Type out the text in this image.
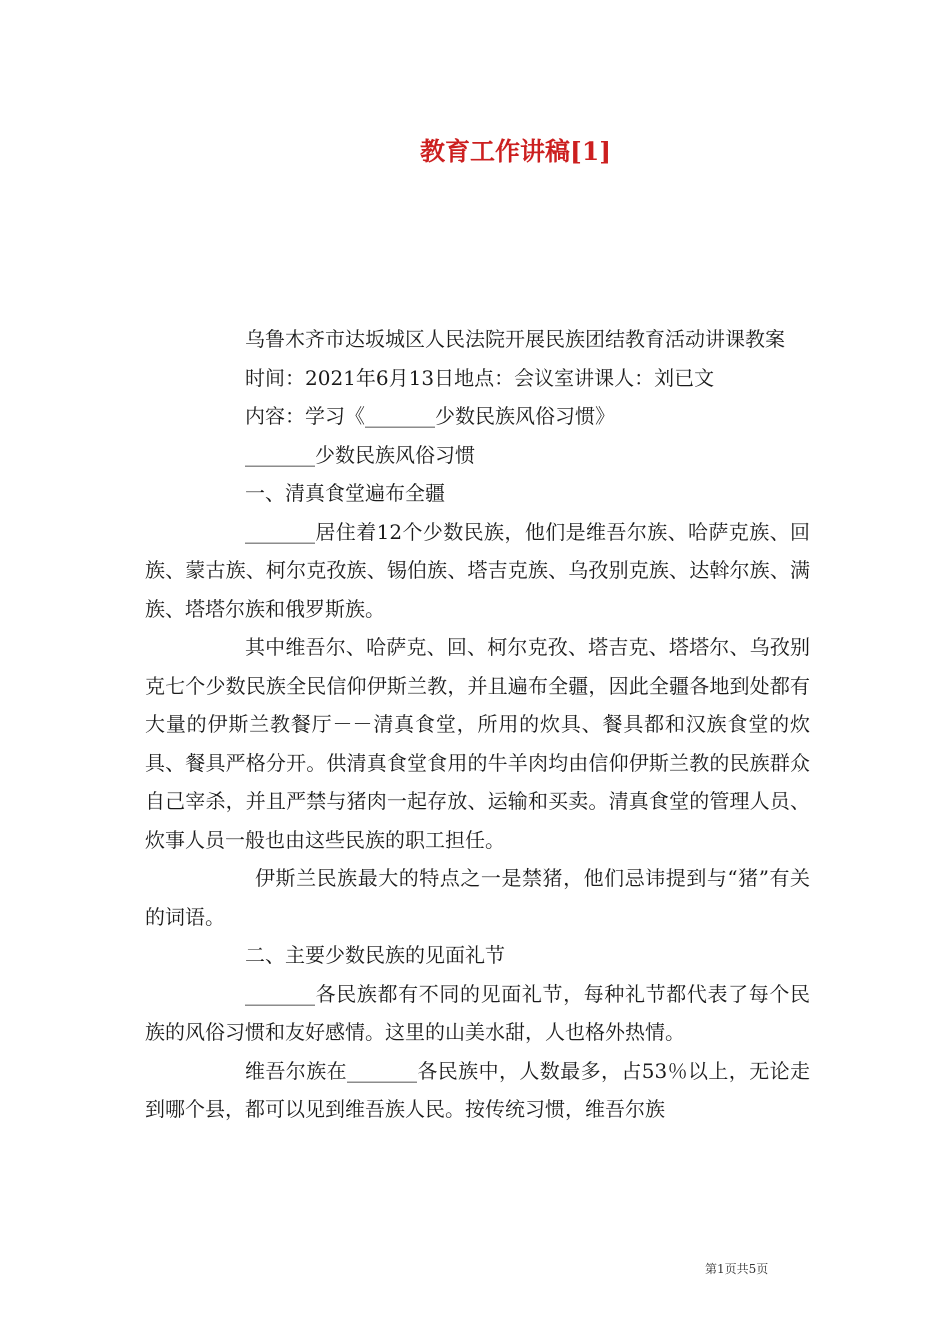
教育工作讲稿[1]

乌鲁木齐市达坂城区人民法院开展民族团结教育活动讲课教案

时间：2021年6月13日地点：会议室讲课人：刘已文

内容：学习《_______少数民族风俗习惯》

_______少数民族风俗习惯

一、清真食堂遍布全疆

_______居住着12个少数民族，他们是维吾尔族、哈萨克族、回族、蒙古族、柯尔克孜族、锡伯族、塔吉克族、乌孜别克族、达斡尔族、满族、塔塔尔族和俄罗斯族。

其中维吾尔、哈萨克、回、柯尔克孜、塔吉克、塔塔尔、乌孜别克七个少数民族全民信仰伊斯兰教，并且遍布全疆，因此全疆各地到处都有大量的伊斯兰教餐厅－－清真食堂，所用的炊具、餐具都和汉族食堂的炊具、餐具严格分开。供清真食堂食用的牛羊肉均由信仰伊斯兰教的民族群众自己宰杀，并且严禁与猪肉一起存放、运输和买卖。清真食堂的管理人员、炊事人员一般也由这些民族的职工担任。

伊斯兰民族最大的特点之一是禁猪，他们忌讳提到与“猪”有关的词语。

二、主要少数民族的见面礼节

_______各民族都有不同的见面礼节，每种礼节都代表了每个民族的风俗习惯和友好感情。这里的山美水甜，人也格外热情。

维吾尔族在_______各民族中，人数最多，占53％以上，无论走到哪个县，都可以见到维吾族人民。按传统习惯，维吾尔族

第1页共5页
